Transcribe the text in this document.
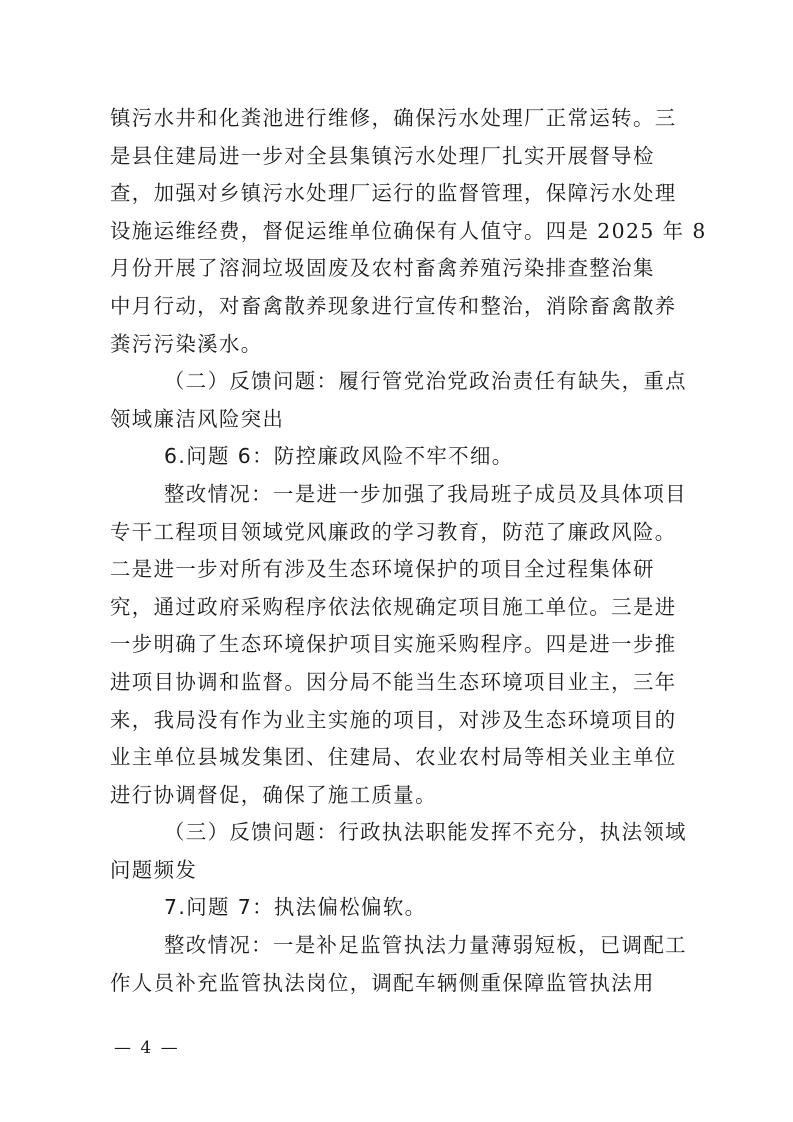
镇污水井和化粪池进行维修，确保污水处理厂正常运转。三
是县住建局进一步对全县集镇污水处理厂扎实开展督导检
查，加强对乡镇污水处理厂运行的监督管理，保障污水处理
设施运维经费，督促运维单位确保有人值守。四是 2025 年 8
月份开展了溶洞垃圾固废及农村畜禽养殖污染排查整治集
中月行动，对畜禽散养现象进行宣传和整治，消除畜禽散养
粪污污染溪水。
（二）反馈问题：履行管党治党政治责任有缺失，重点
领域廉洁风险突出
6.问题 6：防控廉政风险不牢不细。
整改情况：一是进一步加强了我局班子成员及具体项目
专干工程项目领域党风廉政的学习教育，防范了廉政风险。
二是进一步对所有涉及生态环境保护的项目全过程集体研
究，通过政府采购程序依法依规确定项目施工单位。三是进
一步明确了生态环境保护项目实施采购程序。四是进一步推
进项目协调和监督。因分局不能当生态环境项目业主，三年
来，我局没有作为业主实施的项目，对涉及生态环境项目的
业主单位县城发集团、住建局、农业农村局等相关业主单位
进行协调督促，确保了施工质量。
（三）反馈问题：行政执法职能发挥不充分，执法领域
问题频发
7.问题 7：执法偏松偏软。
整改情况：一是补足监管执法力量薄弱短板，已调配工
作人员补充监管执法岗位，调配车辆侧重保障监管执法用
— 4 —
